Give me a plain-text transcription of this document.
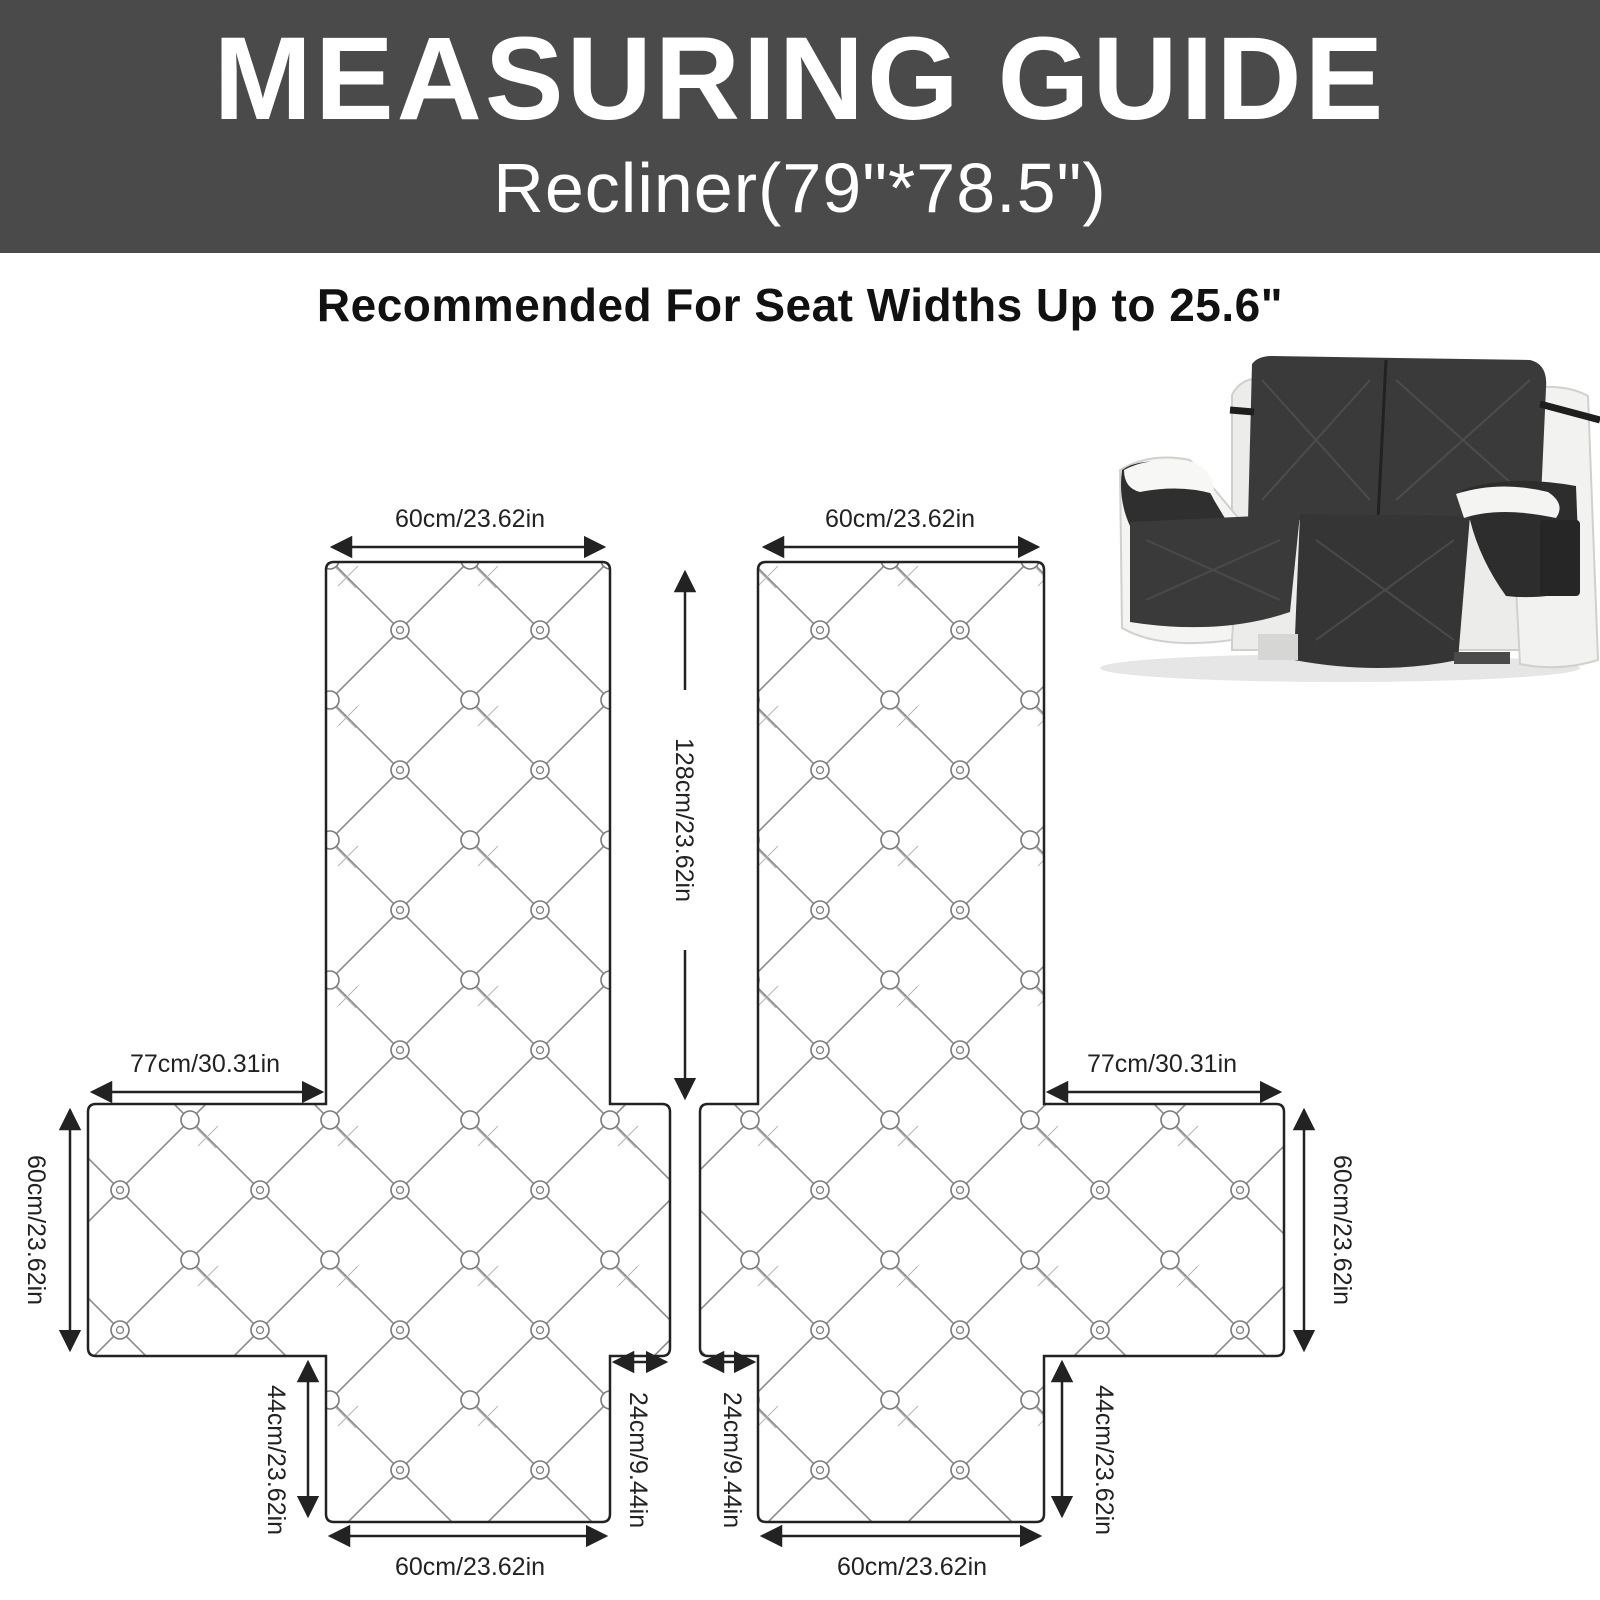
MEASURING GUIDE
Recliner(79"*78.5")

Recommended For Seat Widths Up to 25.6"

60cm/23.62in
128cm/23.62in
77cm/30.31in
60cm/23.62in
44cm/23.62in	24cm/9.44in
60cm/23.62in
60cm/23.62in
77cm/30.31in
60cm/23.62in
44cm/23.62in
24cm/9.44in
60cm/23.62in
